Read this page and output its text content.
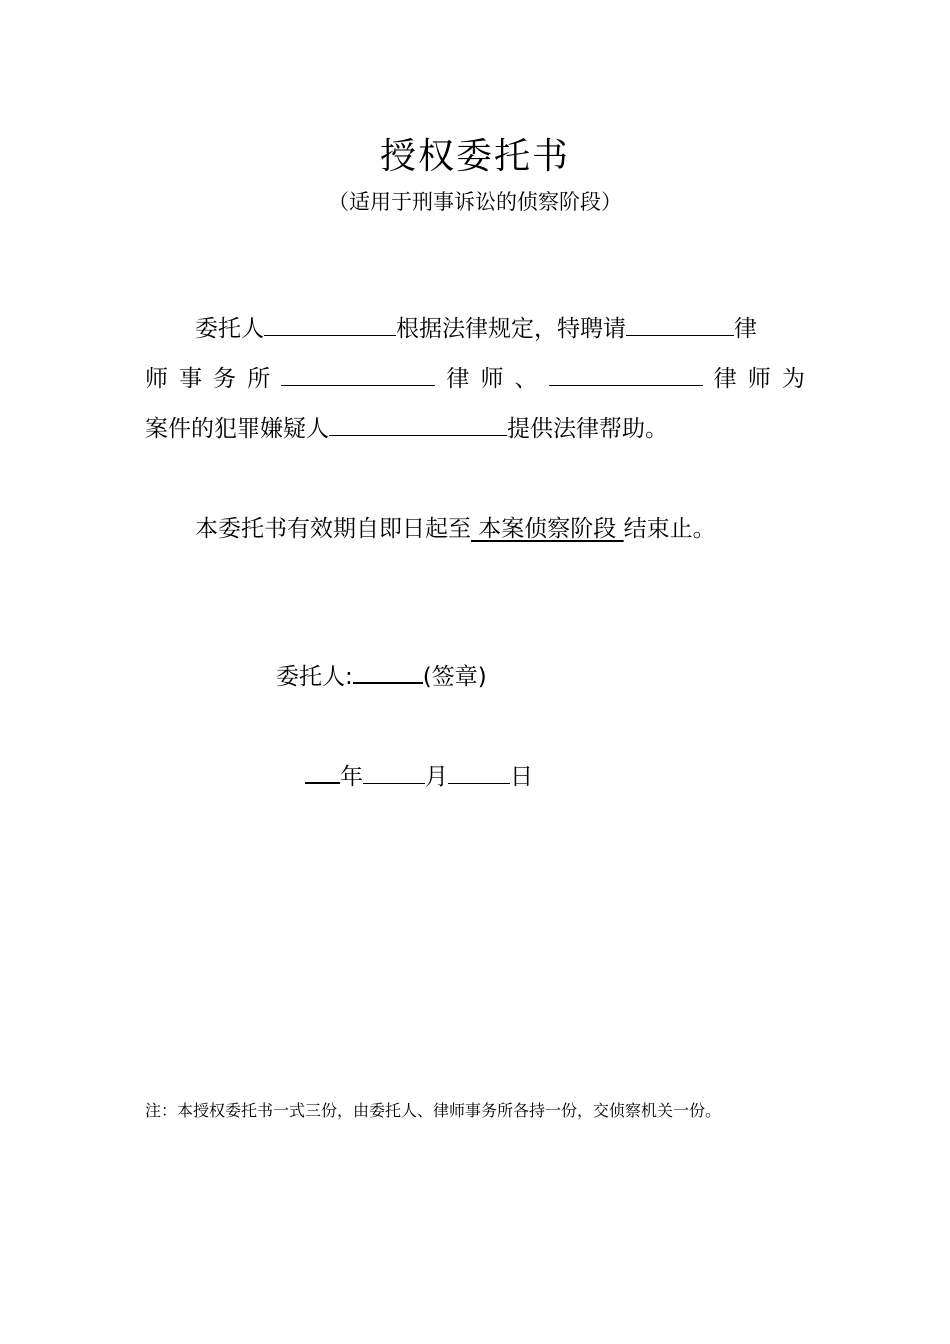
授权委托书
（适用于刑事诉讼的侦察阶段）
委托人	根据法律规定，特聘请	律
师 事 务 所	律 师 、	律 师 为
案件的犯罪嫌疑人	提供法律帮助。
本委托书有效期自即日起至 本案侦察阶段 结束止。
委托人:	(签章)
年	月	日
注：本授权委托书一式三份，由委托人、律师事务所各持一份，交侦察机关一份。
